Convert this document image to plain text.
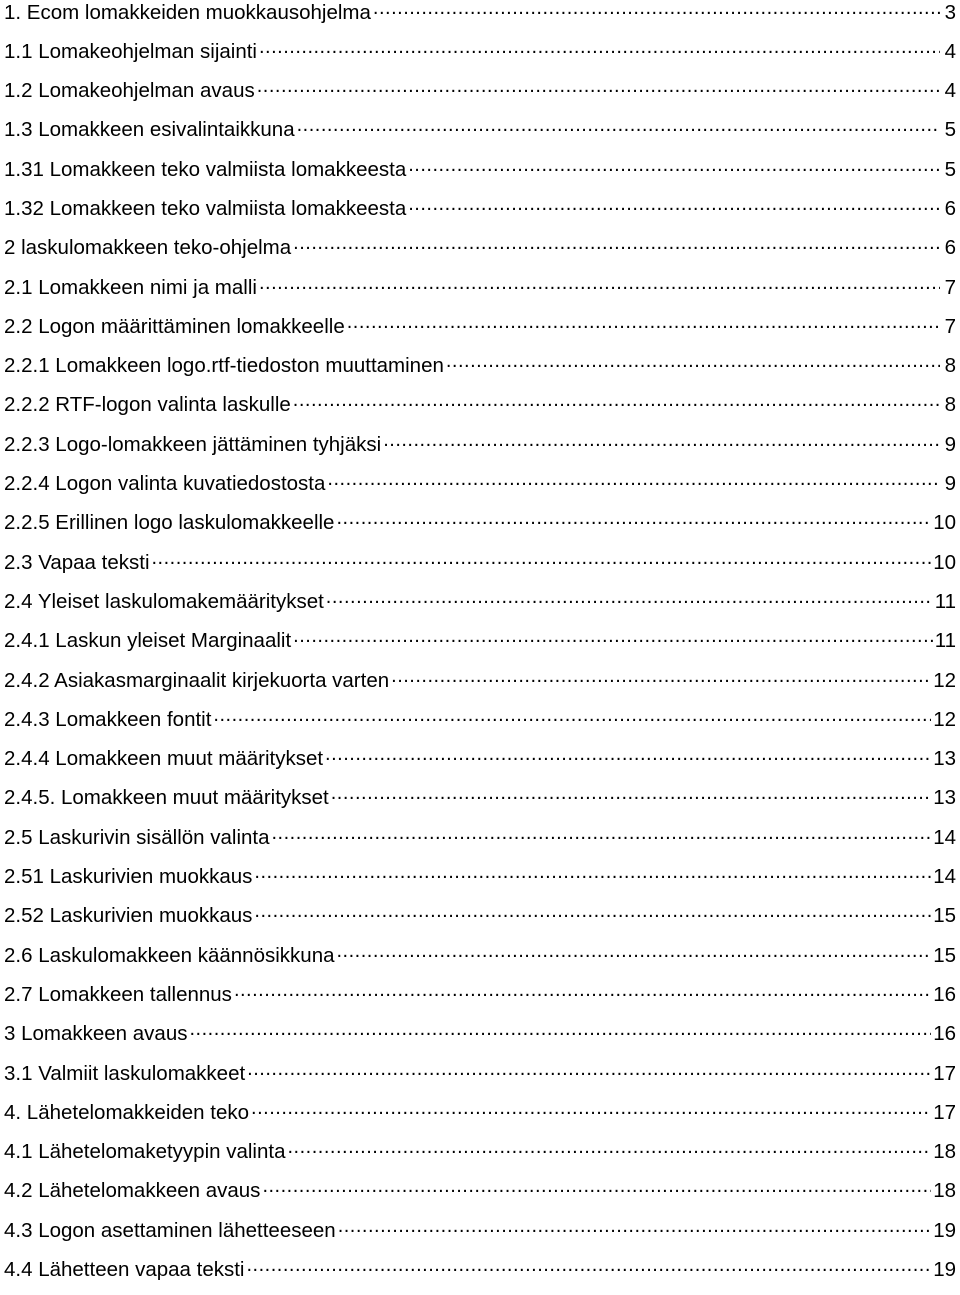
1. Ecom lomakkeiden muokkausohjelma .....	3
1.1 Lomakeohjelman sijainti .....	4
1.2 Lomakeohjelman avaus .....	4
1.3 Lomakkeen esivalintaikkuna .....	5
1.31 Lomakkeen teko valmiista lomakkeesta .....	5
1.32 Lomakkeen teko valmiista lomakkeesta .....	6
2 laskulomakkeen teko-ohjelma .....	6
2.1 Lomakkeen nimi ja malli .....	7
2.2 Logon määrittäminen lomakkeelle .....	7
2.2.1 Lomakkeen logo.rtf-tiedoston muuttaminen .....	8
2.2.2 RTF-logon valinta laskulle .....	8
2.2.3 Logo-lomakkeen jättäminen tyhjäksi .....	9
2.2.4 Logon valinta kuvatiedostosta .....	9
2.2.5 Erillinen logo laskulomakkeelle .....	10
2.3 Vapaa teksti .....	10
2.4 Yleiset laskulomakemääritykset .....	11
2.4.1 Laskun yleiset Marginaalit .....	11
2.4.2 Asiakasmarginaalit kirjekuorta varten .....	12
2.4.3 Lomakkeen fontit .....	12
2.4.4 Lomakkeen muut määritykset .....	13
2.4.5. Lomakkeen muut määritykset .....	13
2.5 Laskurivin sisällön valinta .....	14
2.51 Laskurivien muokkaus .....	14
2.52 Laskurivien muokkaus .....	15
2.6 Laskulomakkeen käännösikkuna .....	15
2.7 Lomakkeen tallennus .....	16
3 Lomakkeen avaus .....	16
3.1 Valmiit laskulomakkeet .....	17
4. Lähetelomakkeiden teko .....	17
4.1 Lähetelomaketyypin valinta .....	18
4.2 Lähetelomakkeen avaus .....	18
4.3 Logon asettaminen lähetteeseen .....	19
4.4 Lähetteen vapaa teksti .....	19
